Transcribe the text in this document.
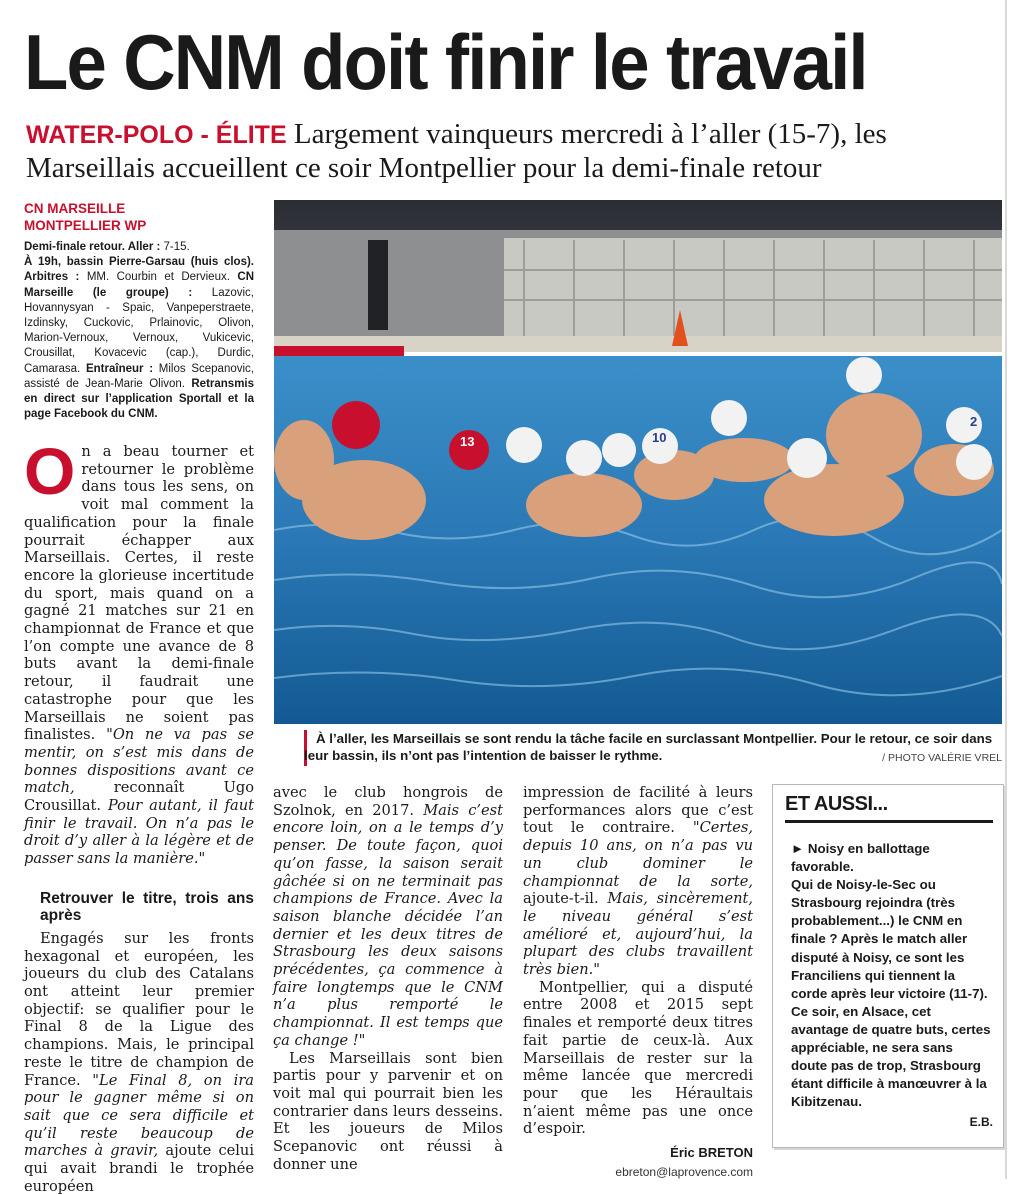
Le CNM doit finir le travail
WATER-POLO - ÉLITE Largement vainqueurs mercredi à l’aller (15-7), les Marseillais accueillent ce soir Montpellier pour la demi-finale retour
CN MARSEILLE
MONTPELLIER WP
Demi-finale retour. Aller : 7-15.
À 19h, bassin Pierre-Garsau (huis clos). Arbitres : MM. Courbin et Dervieux. CN Marseille (le groupe) : Lazovic, Hovannysyan - Spaic, Vanpeperstraete, Izdinsky, Cuckovic, Prlainovic, Olivon, Marion-Vernoux, Vernoux, Vukicevic, Crousillat, Kovacevic (cap.), Durdic, Camarasa. Entraîneur : Milos Scepanovic, assisté de Jean-Marie Olivon. Retransmis en direct sur l’application Sportall et la page Facebook du CNM.
13	10
2
À l’aller, les Marseillais se sont rendu la tâche facile en surclassant Montpellier. Pour le retour, ce soir dans leur bassin, ils n’ont pas l’intention de baisser le rythme.	/ PHOTO VALÉRIE VREL

On a beau tourner et retourner le problème dans tous les sens, on voit mal comment la qualification pour la finale pourrait échapper aux Marseillais. Certes, il reste encore la glorieuse incertitude du sport, mais quand on a gagné 21 matches sur 21 en championnat de France et que l’on compte une avance de 8 buts avant la demi-finale retour, il faudrait une catastrophe pour que les Marseillais ne soient pas finalistes. "On ne va pas se mentir, on s’est mis dans de bonnes dispositions avant ce match, reconnaît Ugo Crousillat. Pour autant, il faut finir le travail. On n’a pas le droit d’y aller à la légère et de passer sans la manière."

Retrouver le titre, trois ans après

Engagés sur les fronts hexagonal et européen, les joueurs du club des Catalans ont atteint leur premier objectif: se qualifier pour le Final 8 de la Ligue des champions. Mais, le principal reste le titre de champion de France. "Le Final 8, on ira pour le gagner même si on sait que ce sera difficile et qu’il reste beaucoup de marches à gravir, ajoute celui qui avait brandi le trophée européen

avec le club hongrois de Szolnok, en 2017. Mais c’est encore loin, on a le temps d’y penser. De toute façon, quoi qu’on fasse, la saison serait gâchée si on ne terminait pas champions de France. Avec la saison blanche décidée l’an dernier et les deux titres de Strasbourg les deux saisons précédentes, ça commence à faire longtemps que le CNM n’a plus remporté le championnat. Il est temps que ça change !"

Les Marseillais sont bien partis pour y parvenir et on voit mal qui pourrait bien les contrarier dans leurs desseins. Et les joueurs de Milos Scepanovic ont réussi à donner une

impression de facilité à leurs performances alors que c’est tout le contraire. "Certes, depuis 10 ans, on n’a pas vu un club dominer le championnat de la sorte, ajoute-t-il. Mais, sincèrement, le niveau général s’est amélioré et, aujourd’hui, la plupart des clubs travaillent très bien."

Montpellier, qui a disputé entre 2008 et 2015 sept finales et remporté deux titres fait partie de ceux-là. Aux Marseillais de rester sur la même lancée que mercredi pour que les Héraultais n’aient même pas une once d’espoir.

Éric BRETON
ebreton@laprovence.com
ET AUSSI...
► Noisy en ballottage favorable.
Qui de Noisy-le-Sec ou Strasbourg rejoindra (très probablement...) le CNM en finale ? Après le match aller disputé à Noisy, ce sont les Franciliens qui tiennent la corde après leur victoire (11-7). Ce soir, en Alsace, cet avantage de quatre buts, certes appréciable, ne sera sans doute pas de trop, Strasbourg étant difficile à manœuvrer à la Kibitzenau.
E.B.
